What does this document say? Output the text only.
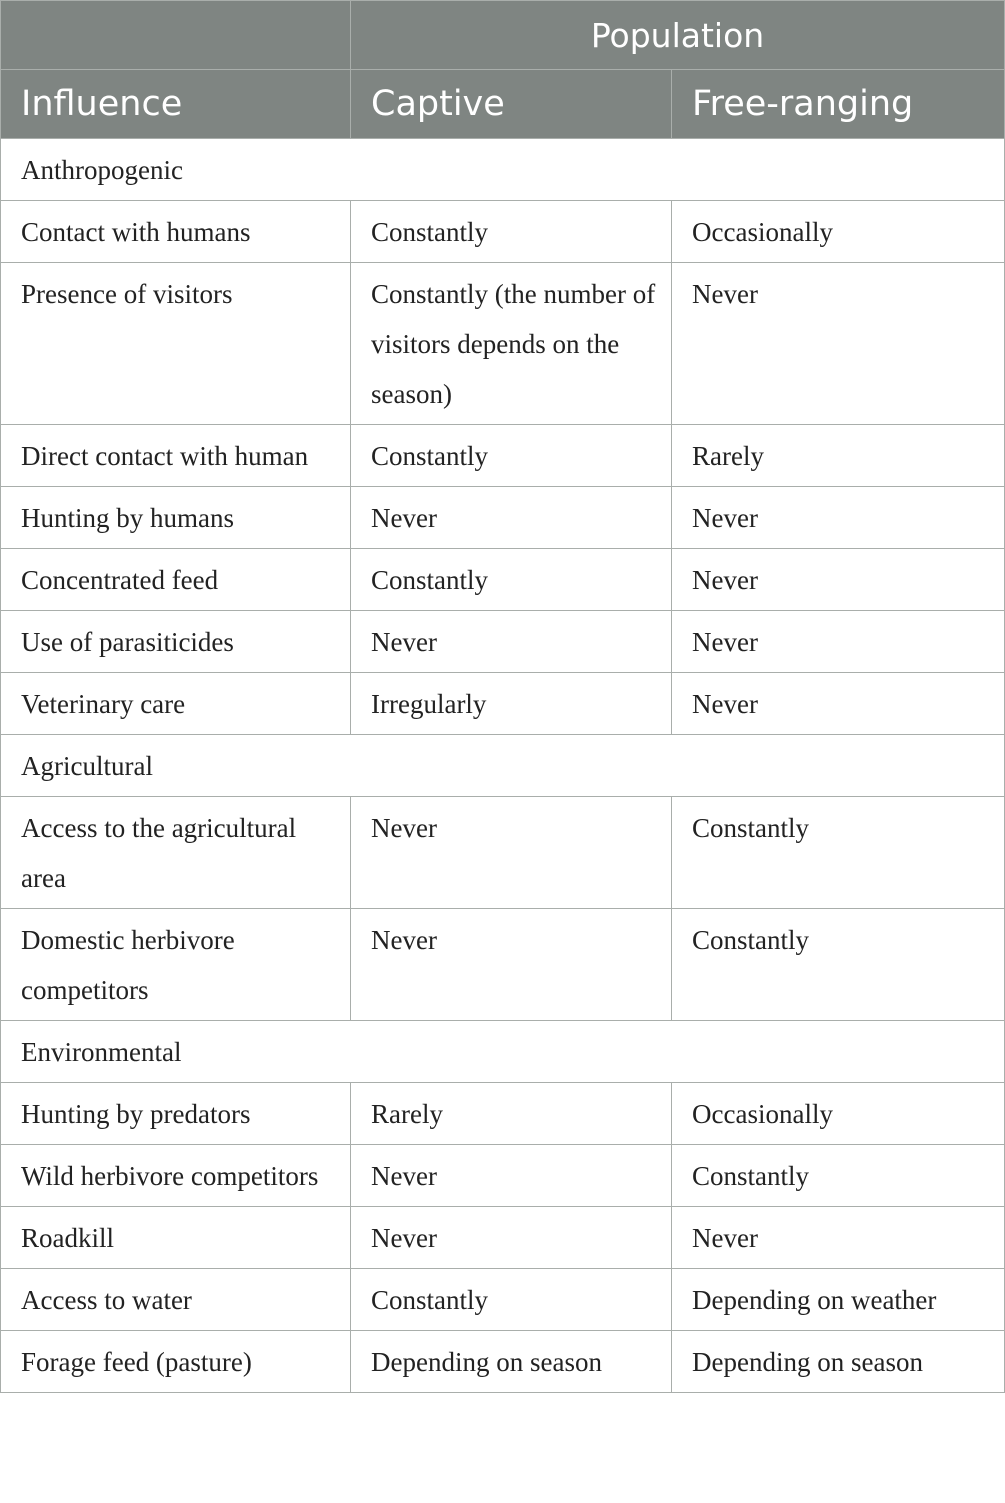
	Population	
Influence	Captive	Free-ranging
Anthropogenic		
Contact with humans	Constantly	Occasionally
Presence of visitors	Constantly (the number of visitors depends on the season)	Never
Direct contact with human	Constantly	Rarely
Hunting by humans	Never	Never
Concentrated feed	Constantly	Never
Use of parasiticides	Never	Never
Veterinary care	Irregularly	Never
Agricultural		
Access to the agricultural area	Never	Constantly
Domestic herbivore competitors	Never	Constantly
Environmental		
Hunting by predators	Rarely	Occasionally
Wild herbivore competitors	Never	Constantly
Roadkill	Never	Never
Access to water	Constantly	Depending on weather
Forage feed (pasture)	Depending on season	Depending on season
